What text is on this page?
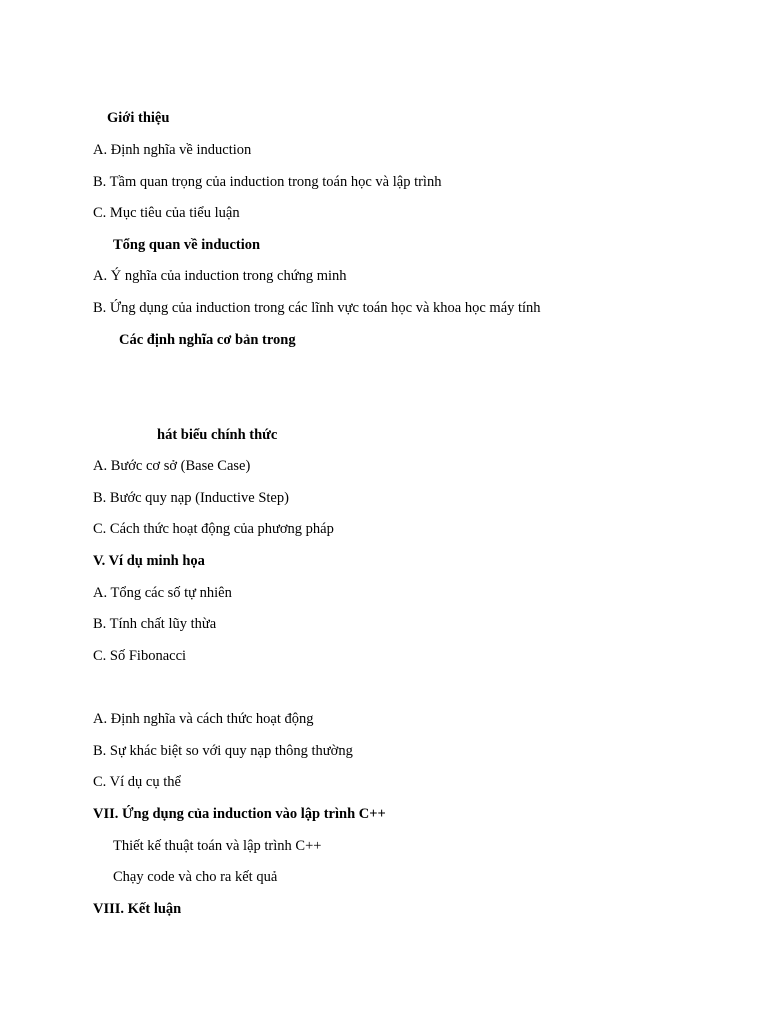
Giới thiệu
A. Định nghĩa về induction
B. Tầm quan trọng của induction trong toán học và lập trình
C. Mục tiêu của tiểu luận
Tổng quan về induction
A. Ý nghĩa của induction trong chứng minh
B. Ứng dụng của induction trong các lĩnh vực toán học và khoa học máy tính
Các định nghĩa cơ bản trong
hát biểu chính thức
A. Bước cơ sở (Base Case)
B. Bước quy nạp (Inductive Step)
C. Cách thức hoạt động của phương pháp
V. Ví dụ minh họa
A. Tổng các số tự nhiên
B. Tính chất lũy thừa
C. Số Fibonacci
A. Định nghĩa và cách thức hoạt động
B. Sự khác biệt so với quy nạp thông thường
C. Ví dụ cụ thể
VII. Ứng dụng của induction vào lập trình C++
Thiết kế thuật toán và lập trình C++
Chạy code và cho ra kết quả
VIII. Kết luận
